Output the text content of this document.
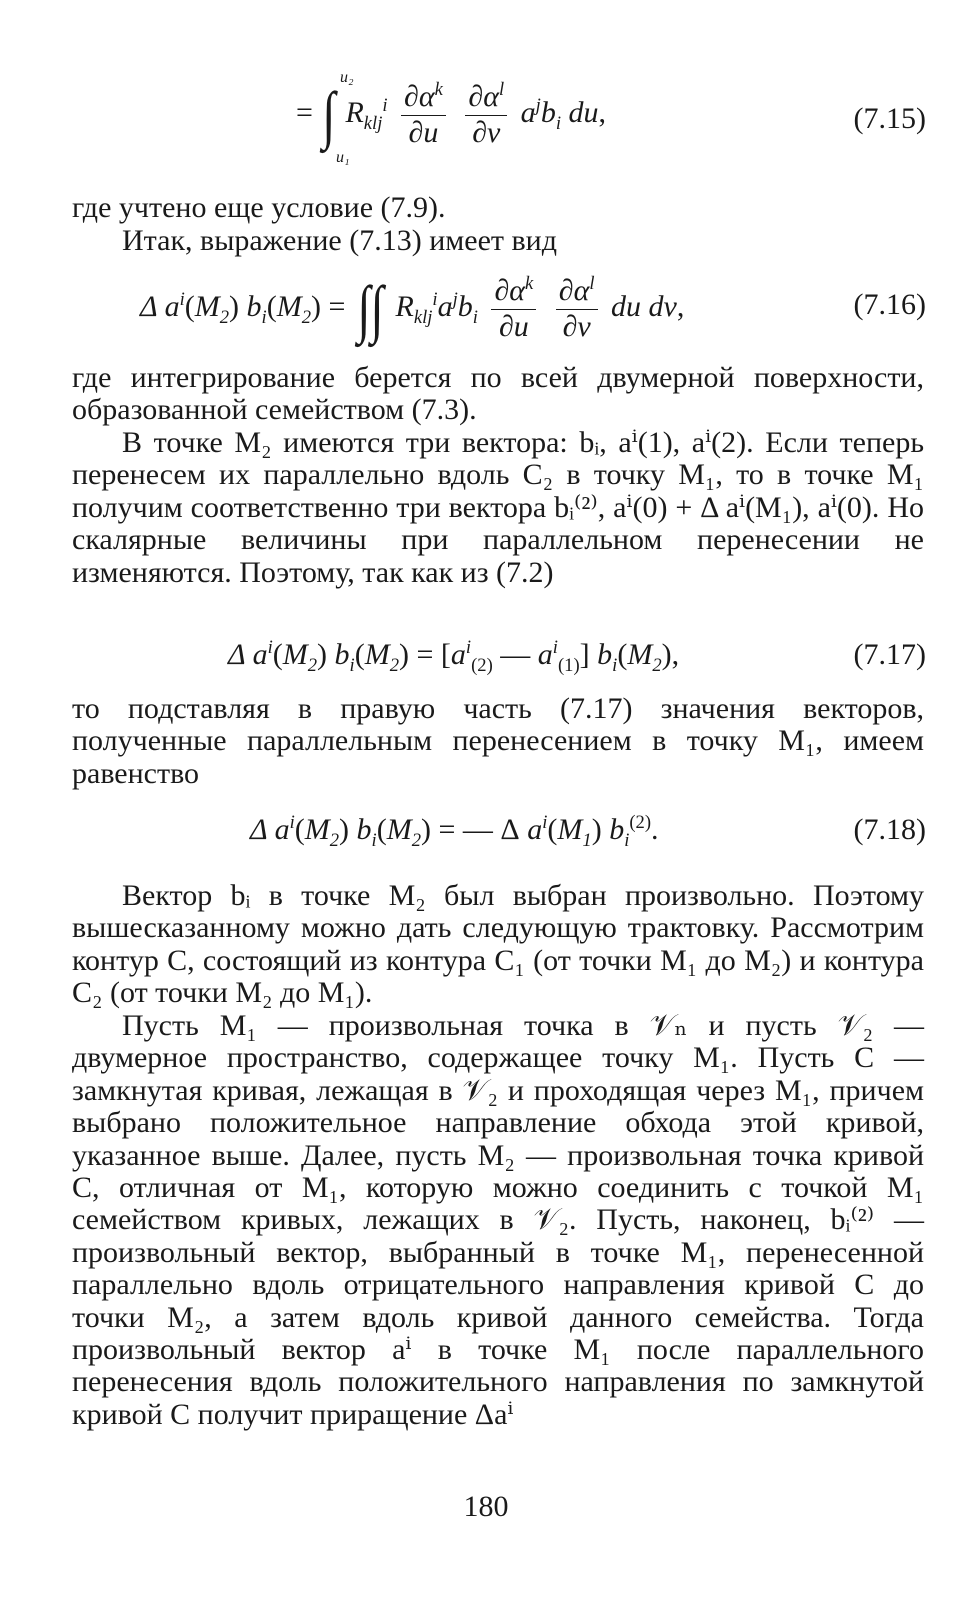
u₂
u₁
= ∫ $R_{klj}^i \frac{\partial\alpha^k}{\partial u}$
$\frac{\partial\alpha^l}{\partial v} a^jb_i$ du,	(7.15)

где учтено еще условие (7.9).

Итак, выражение (7.13) имеет вид

Δ $a^i(M_2) b_i(M_2)$ = ∫∫ $R_{klj}^ia^jb_i \frac{\partial\alpha^k}{\partial u}$
$\frac{\partial\alpha^l}{\partial v}$ du dv,	(7.16)

где интегрирование берется по всей двумерной поверхности, образованной семейством (7.3).

В точке M₂ имеются три вектора: bᵢ, aⁱ(1), aⁱ(2). Если теперь перенесем их параллельно вдоль C₂ в точку M₁, то в точке M₁ получим соответственно три вектора bᵢ⁽²⁾, aⁱ(0) + Δ aⁱ(M₁), aⁱ(0). Но скалярные величины при параллельном перенесении не изменяются. Поэтому, так как из (7.2)

Δ $a^i(M_2) b_i(M_2) = [a^i_{(2)}$ — $a^i_{(1)}$] $b_i(M_2)$,	(7.17)

то подставляя в правую часть (7.17) значения векторов, полученные параллельным перенесением в точку M₁, имеем равенство

Δ $a^i(M_2) b_i(M_2)$ = — Δ $a^i(M_1)$ $b_i^{(2)}$.	(7.18)

Вектор bᵢ в точке M₂ был выбран произвольно. Поэтому вышесказанному можно дать следующую трактовку. Рассмотрим контур C, состоящий из контура C₁ (от точки M₁ до M₂) и контура C₂ (от точки M₂ до M₁).

Пусть M₁ — произвольная точка в 𝒱ₙ и пусть 𝒱₂ — двумерное пространство, содержащее точку M₁. Пусть C — замкнутая кривая, лежащая в 𝒱₂ и проходящая через M₁, причем выбрано положительное направление обхода этой кривой, указанное выше. Далее, пусть M₂ — произвольная точка кривой C, отличная от M₁, которую можно соединить с точкой M₁ семейством кривых, лежащих в 𝒱₂. Пусть, наконец, bᵢ⁽²⁾ — произвольный вектор, выбранный в точке M₁, перенесенной параллельно вдоль отрицательного направления кривой C до точки M₂, а затем вдоль кривой данного семейства. Тогда произвольный вектор aⁱ в точке M₁ после параллельного перенесения вдоль положительного направления по замкнутой кривой C получит приращение Δaⁱ

180
